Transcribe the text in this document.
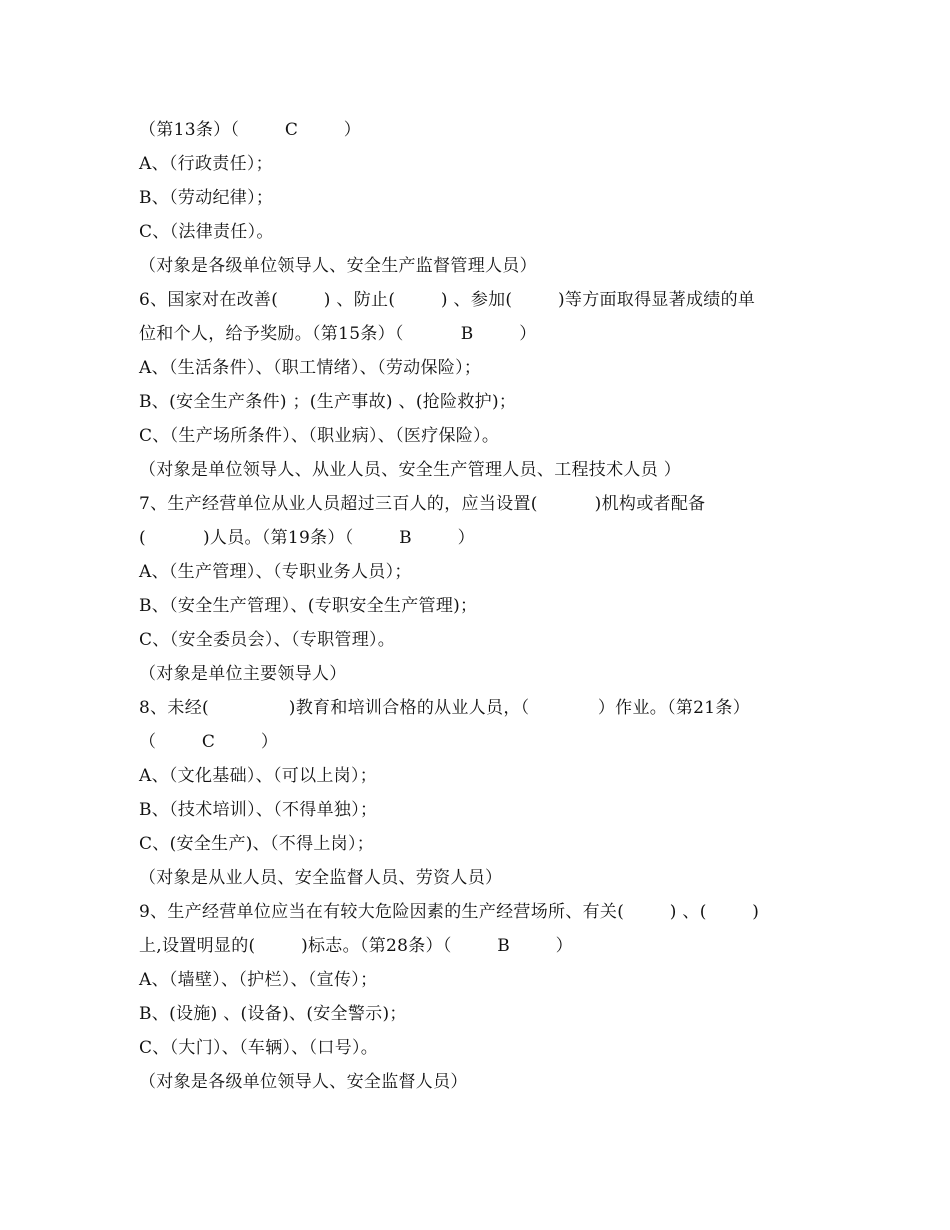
（第13条）（        C        ）
A、（行政责任）；
B、（劳动纪律）；
C、（法律责任）。
（对象是各级单位领导人、安全生产监督管理人员）
6、国家对在改善(        ) 、防止(        ) 、参加(        )等方面取得显著成绩的单
位和个人，给予奖励。（第15条）（          B        ）
A、（生活条件）、（职工情绪）、（劳动保险）；
B、(安全生产条件) ；(生产事故) 、(抢险救护)；
C、（生产场所条件）、（职业病）、（医疗保险）。
（对象是单位领导人、从业人员、安全生产管理人员、工程技术人员 ）
7、生产经营单位从业人员超过三百人的，应当设置(          )机构或者配备
(          )人员。（第19条）（        B        ）
A、（生产管理）、（专职业务人员）；
B、（安全生产管理）、(专职安全生产管理)；
C、（安全委员会）、（专职管理）。
（对象是单位主要领导人）
8、未经(              )教育和培训合格的从业人员，（            ）作业。（第21条）
（        C        ）
A、（文化基础）、（可以上岗）；
B、（技术培训）、（不得单独）；
C、(安全生产)、（不得上岗）；
（对象是从业人员、安全监督人员、劳资人员）
9、生产经营单位应当在有较大危险因素的生产经营场所、有关(        ) 、(        )
上,设置明显的(        )标志。（第28条）（        B        ）
A、（墙壁）、（护栏）、（宣传）；
B、(设施) 、(设备)、(安全警示)；
C、（大门）、（车辆）、（口号）。
（对象是各级单位领导人、安全监督人员）
